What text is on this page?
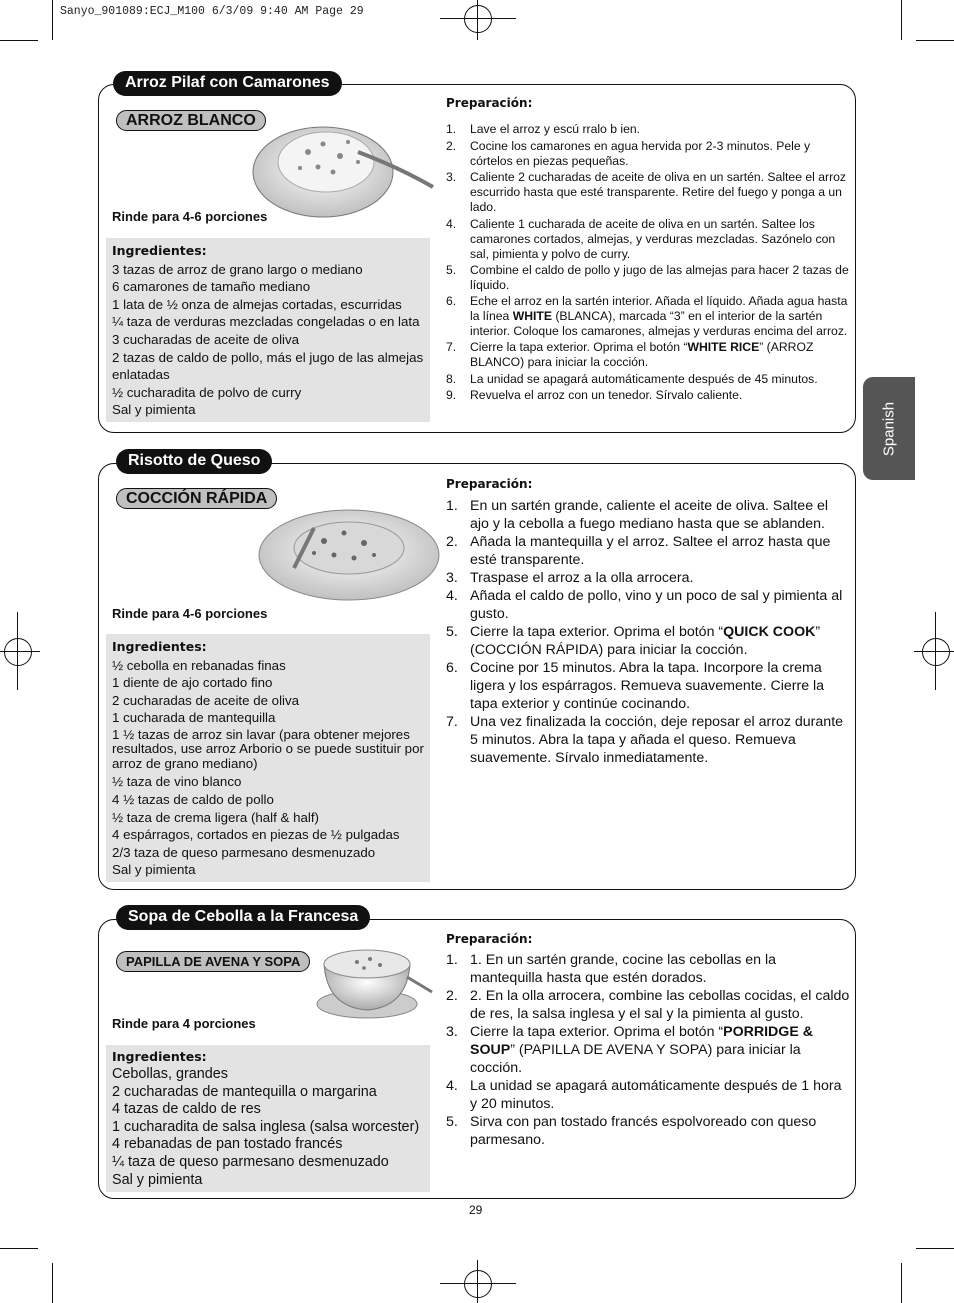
Sanyo_901089:ECJ_M100 6/3/09 9:40 AM Page 29
Spanish
Arroz Pilaf con Camarones
ARROZ BLANCO
Rinde para 4-6 porciones
Ingredientes:
3 tazas de arroz de grano largo o mediano
6 camarones de tamaño mediano
1 lata de ½ onza de almejas cortadas, escurridas
¼ taza de verduras mezcladas congeladas o en lata
3 cucharadas de aceite de oliva
2 tazas de caldo de pollo, más el jugo de las almejas enlatadas
½ cucharadita de polvo de curry
Sal y pimienta
Preparación:
1. Lave el arroz y escú rralo b ien.
2. Cocine los camarones en agua hervida por 2-3 minutos. Pele y córtelos en piezas pequeñas.
3. Caliente 2 cucharadas de aceite de oliva en un sartén. Saltee el arroz escurrido hasta que esté transparente. Retire del fuego y ponga a un lado.
4. Caliente 1 cucharada de aceite de oliva en un sartén. Saltee los camarones cortados, almejas, y verduras mezcladas. Sazónelo con sal, pimienta y polvo de curry.
5. Combine el caldo de pollo y jugo de las almejas para hacer 2 tazas de líquido.
6. Eche el arroz en la sartén interior. Añada el líquido. Añada agua hasta la línea WHITE (BLANCA), marcada “3” en el interior de la sartén interior. Coloque los camarones, almejas y verduras encima del arroz.
7. Cierre la tapa exterior. Oprima el botón “WHITE RICE” (ARROZ BLANCO) para iniciar la cocción.
8. La unidad se apagará automáticamente después de 45 minutos.
9. Revuelva el arroz con un tenedor. Sírvalo caliente.
Risotto de Queso
COCCIÓN RÁPIDA
Rinde para 4-6 porciones
Ingredientes:
½ cebolla en rebanadas finas
1 diente de ajo cortado fino
2 cucharadas de aceite de oliva
1 cucharada de mantequilla
1 ½ tazas de arroz sin lavar (para obtener mejores resultados, use arroz Arborio o se puede sustituir por arroz de grano mediano)
½ taza de vino blanco
4 ½ tazas de caldo de pollo
½ taza de crema ligera (half & half)
4 espárragos, cortados en piezas de ½ pulgadas
2/3 taza de queso parmesano desmenuzado
Sal y pimienta
Preparación:
1. En un sartén grande, caliente el aceite de oliva. Saltee el ajo y la cebolla a fuego mediano hasta que se ablanden.
2. Añada la mantequilla y el arroz. Saltee el arroz hasta que esté transparente.
3. Traspase el arroz a la olla arrocera.
4. Añada el caldo de pollo, vino y un poco de sal y pimienta al gusto.
5. Cierre la tapa exterior. Oprima el botón “QUICK COOK” (COCCIÓN RÁPIDA) para iniciar la cocción.
6. Cocine por 15 minutos. Abra la tapa. Incorpore la crema ligera y los espárragos. Remueva suavemente. Cierre la tapa exterior y continúe cocinando.
7. Una vez finalizada la cocción, deje reposar el arroz durante 5 minutos. Abra la tapa y añada el queso. Remueva suavemente. Sírvalo inmediatamente.
Sopa de Cebolla a la Francesa
PAPILLA DE AVENA Y SOPA
Rinde para 4 porciones
Ingredientes:
Cebollas, grandes
2 cucharadas de mantequilla o margarina
4 tazas de caldo de res
1 cucharadita de salsa inglesa (salsa worcester)
4 rebanadas de pan tostado francés
¼ taza de queso parmesano desmenuzado
Sal y pimienta
Preparación:
1. 1. En un sartén grande, cocine las cebollas en la mantequilla hasta que estén dorados.
2. 2. En la olla arrocera, combine las cebollas cocidas, el caldo de res, la salsa inglesa y el sal y la pimienta al gusto.
3. Cierre la tapa exterior. Oprima el botón “PORRIDGE & SOUP” (PAPILLA DE AVENA Y SOPA) para iniciar la cocción.
4. La unidad se apagará automáticamente después de 1 hora y 20 minutos.
5. Sirva con pan tostado francés espolvoreado con queso parmesano.
29
